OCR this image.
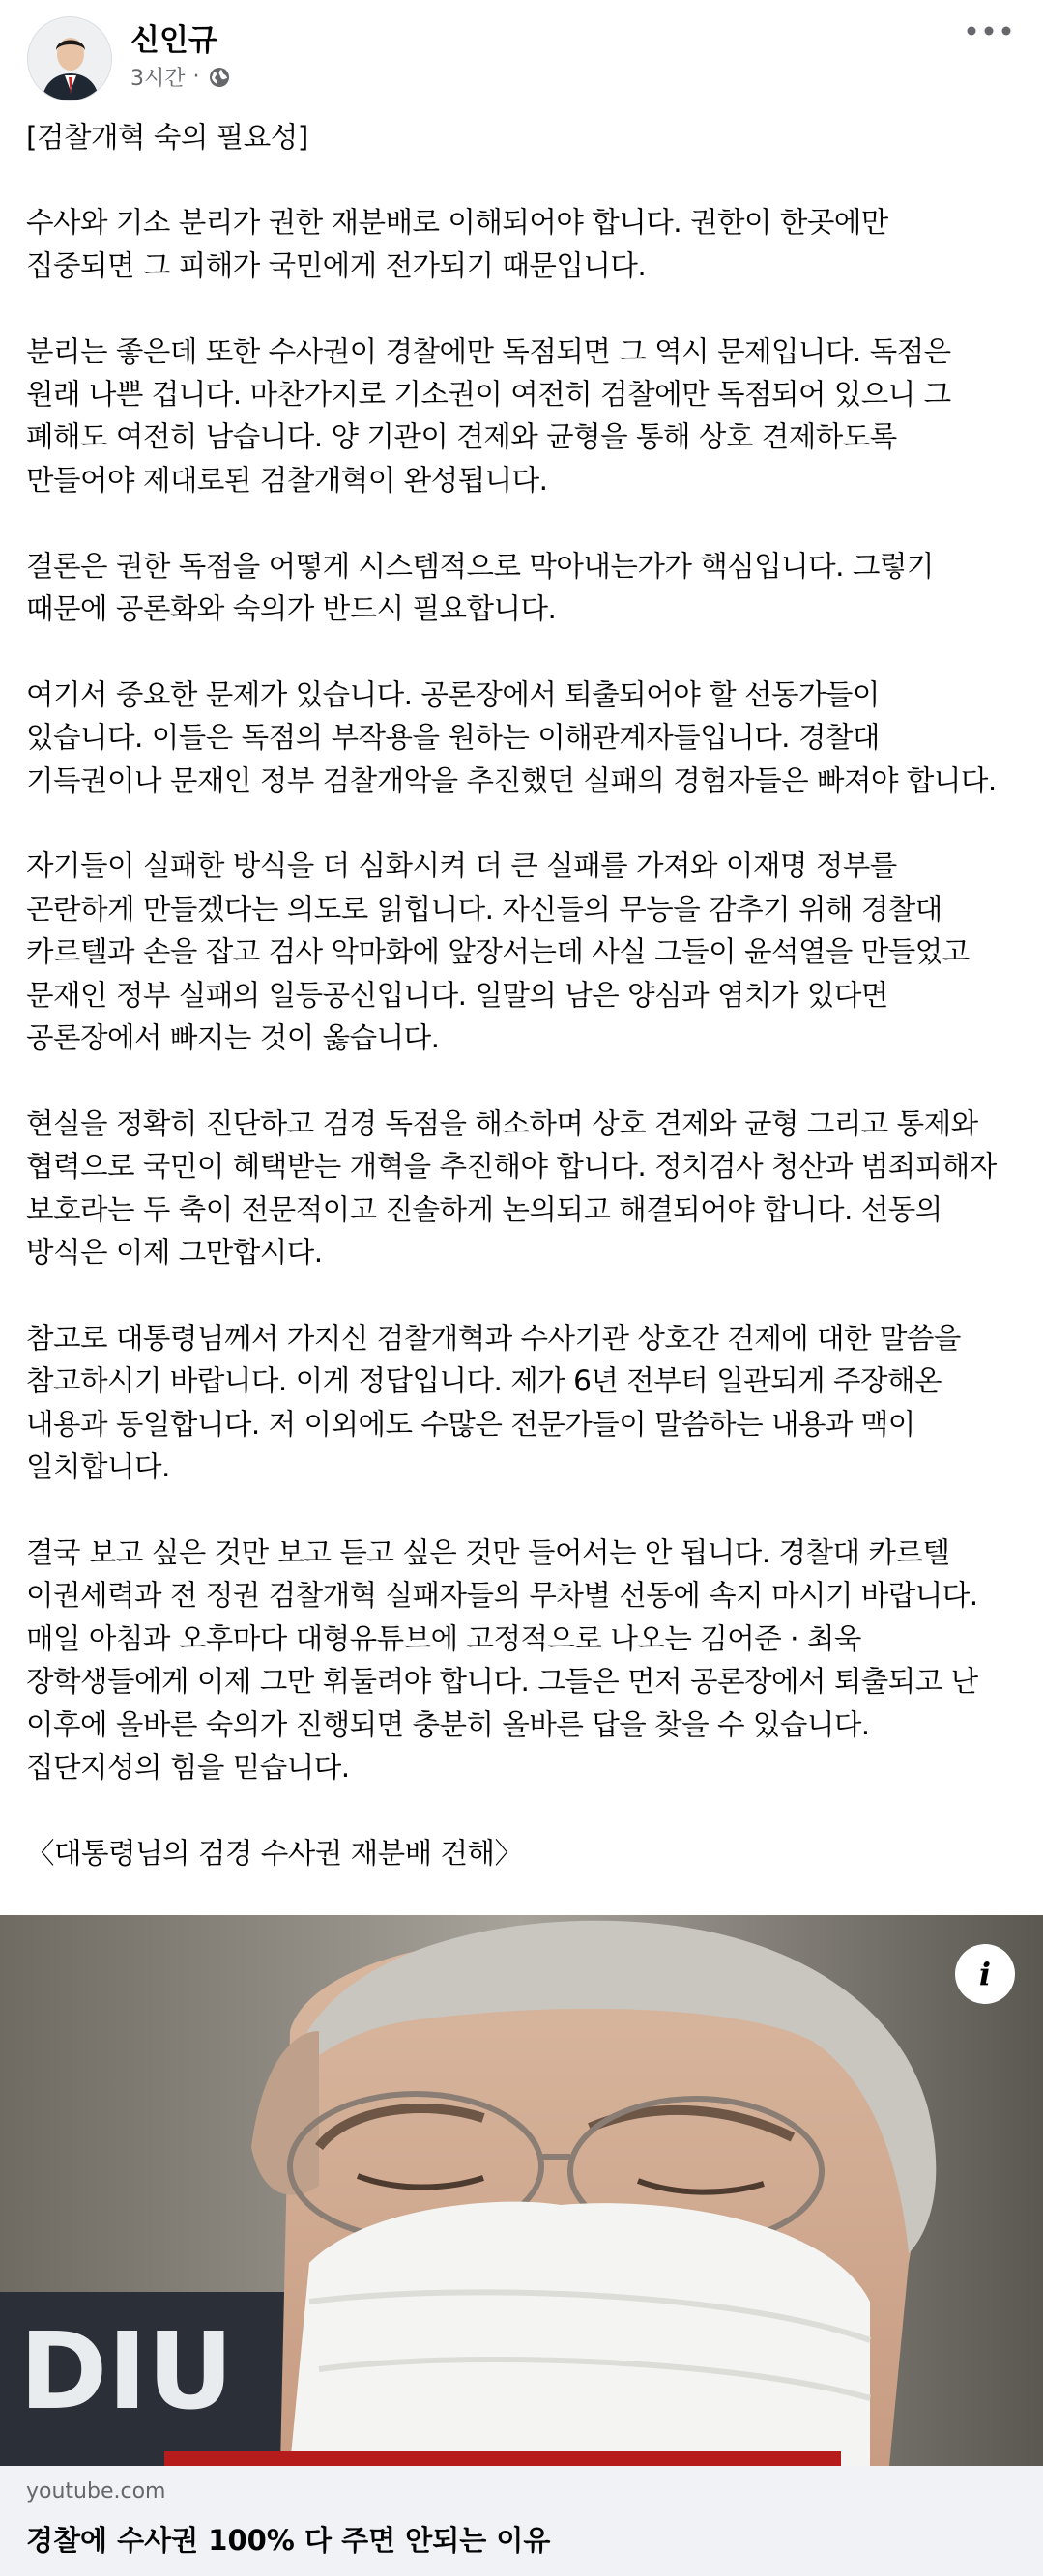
신인규
3시간 ·

[검찰개혁 숙의 필요성]

수사와 기소 분리가 권한 재분배로 이해되어야 합니다. 권한이 한곳에만
집중되면 그 피해가 국민에게 전가되기 때문입니다.

분리는 좋은데 또한 수사권이 경찰에만 독점되면 그 역시 문제입니다. 독점은
원래 나쁜 겁니다. 마찬가지로 기소권이 여전히 검찰에만 독점되어 있으니 그
폐해도 여전히 남습니다. 양 기관이 견제와 균형을 통해 상호 견제하도록
만들어야 제대로된 검찰개혁이 완성됩니다.

결론은 권한 독점을 어떻게 시스템적으로 막아내는가가 핵심입니다. 그렇기
때문에 공론화와 숙의가 반드시 필요합니다.

여기서 중요한 문제가 있습니다. 공론장에서 퇴출되어야 할 선동가들이
있습니다. 이들은 독점의 부작용을 원하는 이해관계자들입니다. 경찰대
기득권이나 문재인 정부 검찰개악을 추진했던 실패의 경험자들은 빠져야 합니다.

자기들이 실패한 방식을 더 심화시켜 더 큰 실패를 가져와 이재명 정부를
곤란하게 만들겠다는 의도로 읽힙니다. 자신들의 무능을 감추기 위해 경찰대
카르텔과 손을 잡고 검사 악마화에 앞장서는데 사실 그들이 윤석열을 만들었고
문재인 정부 실패의 일등공신입니다. 일말의 남은 양심과 염치가 있다면
공론장에서 빠지는 것이 옳습니다.

현실을 정확히 진단하고 검경 독점을 해소하며 상호 견제와 균형 그리고 통제와
협력으로 국민이 혜택받는 개혁을 추진해야 합니다. 정치검사 청산과 범죄피해자
보호라는 두 축이 전문적이고 진솔하게 논의되고 해결되어야 합니다. 선동의
방식은 이제 그만합시다.

참고로 대통령님께서 가지신 검찰개혁과 수사기관 상호간 견제에 대한 말씀을
참고하시기 바랍니다. 이게 정답입니다. 제가 6년 전부터 일관되게 주장해온
내용과 동일합니다. 저 이외에도 수많은 전문가들이 말씀하는 내용과 맥이
일치합니다.

결국 보고 싶은 것만 보고 듣고 싶은 것만 들어서는 안 됩니다. 경찰대 카르텔
이권세력과 전 정권 검찰개혁 실패자들의 무차별 선동에 속지 마시기 바랍니다.
매일 아침과 오후마다 대형유튜브에 고정적으로 나오는 김어준 · 최욱
장학생들에게 이제 그만 휘둘려야 합니다. 그들은 먼저 공론장에서 퇴출되고 난
이후에 올바른 숙의가 진행되면 충분히 올바른 답을 찾을 수 있습니다.
집단지성의 힘을 믿습니다.

〈대통령님의 검경 수사권 재분배 견해〉

DIU
i
youtube.com
경찰에 수사권 100% 다 주면 안되는 이유
